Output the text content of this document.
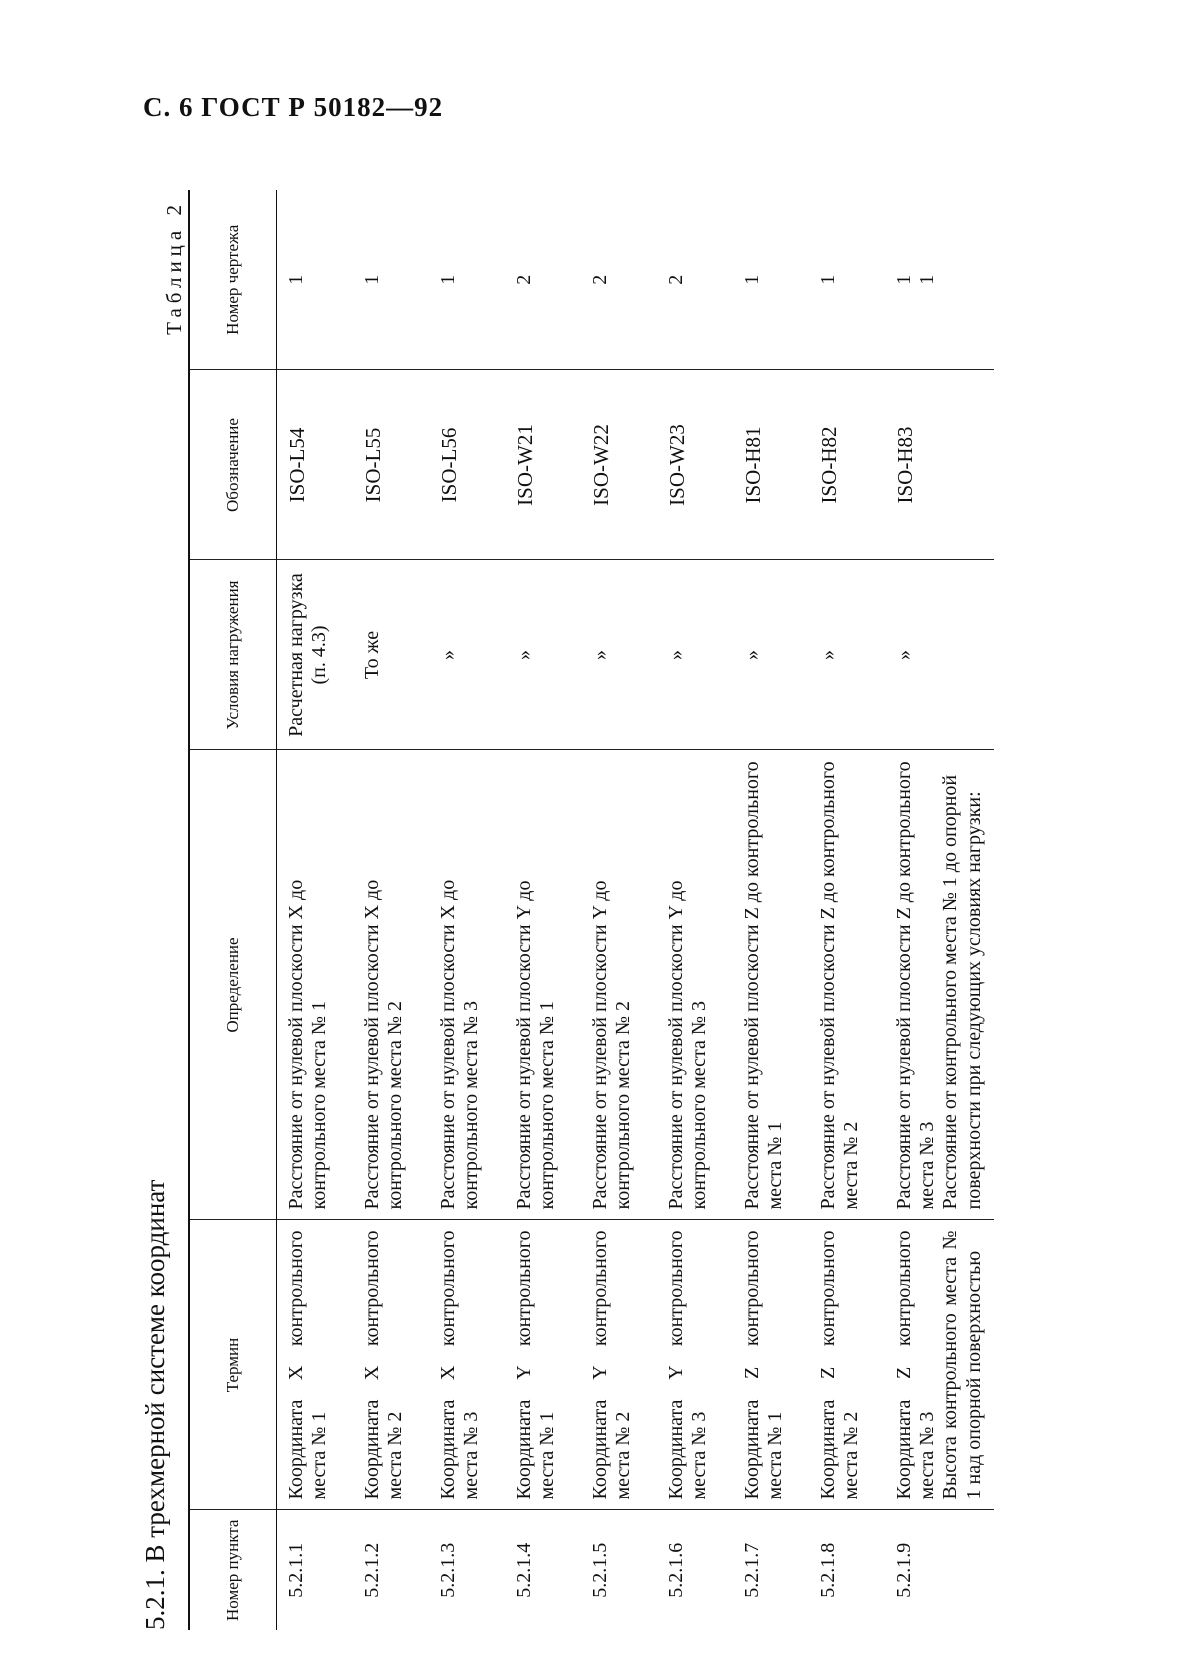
С. 6 ГОСТ Р 50182—92
5.2.1. В трехмерной системе координат
Таблица 2
Номер пункта	Термин	Определение	Условия нагружения	Обозначение	Номер чертежа
5.2.1.1	Координата X контрольного места № 1	Расстояние от нулевой плоскости X до контрольного места № 1	Расчетная нагрузка (п. 4.3)	ISO-L54	1
5.2.1.2	Координата X контрольного места № 2	Расстояние от нулевой плоскости X до контрольного места № 2	То же	ISO-L55	1
5.2.1.3	Координата X контрольного места № 3	Расстояние от нулевой плоскости X до контрольного места № 3	»	ISO-L56	1
5.2.1.4	Координата Y контрольного места № 1	Расстояние от нулевой плоскости Y до контрольного места № 1	»	ISO-W21	2
5.2.1.5	Координата Y контрольного места № 2	Расстояние от нулевой плоскости Y до контрольного места № 2	»	ISO-W22	2
5.2.1.6	Координата Y контрольного места № 3	Расстояние от нулевой плоскости Y до контрольного места № 3	»	ISO-W23	2
5.2.1.7	Координата Z контрольного места № 1	Расстояние от нулевой плоскости Z до контрольного места № 1	»	ISO-H81	1
5.2.1.8	Координата Z контрольного места № 2	Расстояние от нулевой плоскости Z до контрольного места № 2	»	ISO-H82	1
5.2.1.9	Координата Z контрольного места № 3 Высота контрольного места № 1 над опорной поверхностью	Расстояние от нулевой плоскости Z до контрольного места № 3 Расстояние от контрольного места № 1 до опорной поверхности при следующих условиях нагрузки:	»	ISO-H83	1 1
